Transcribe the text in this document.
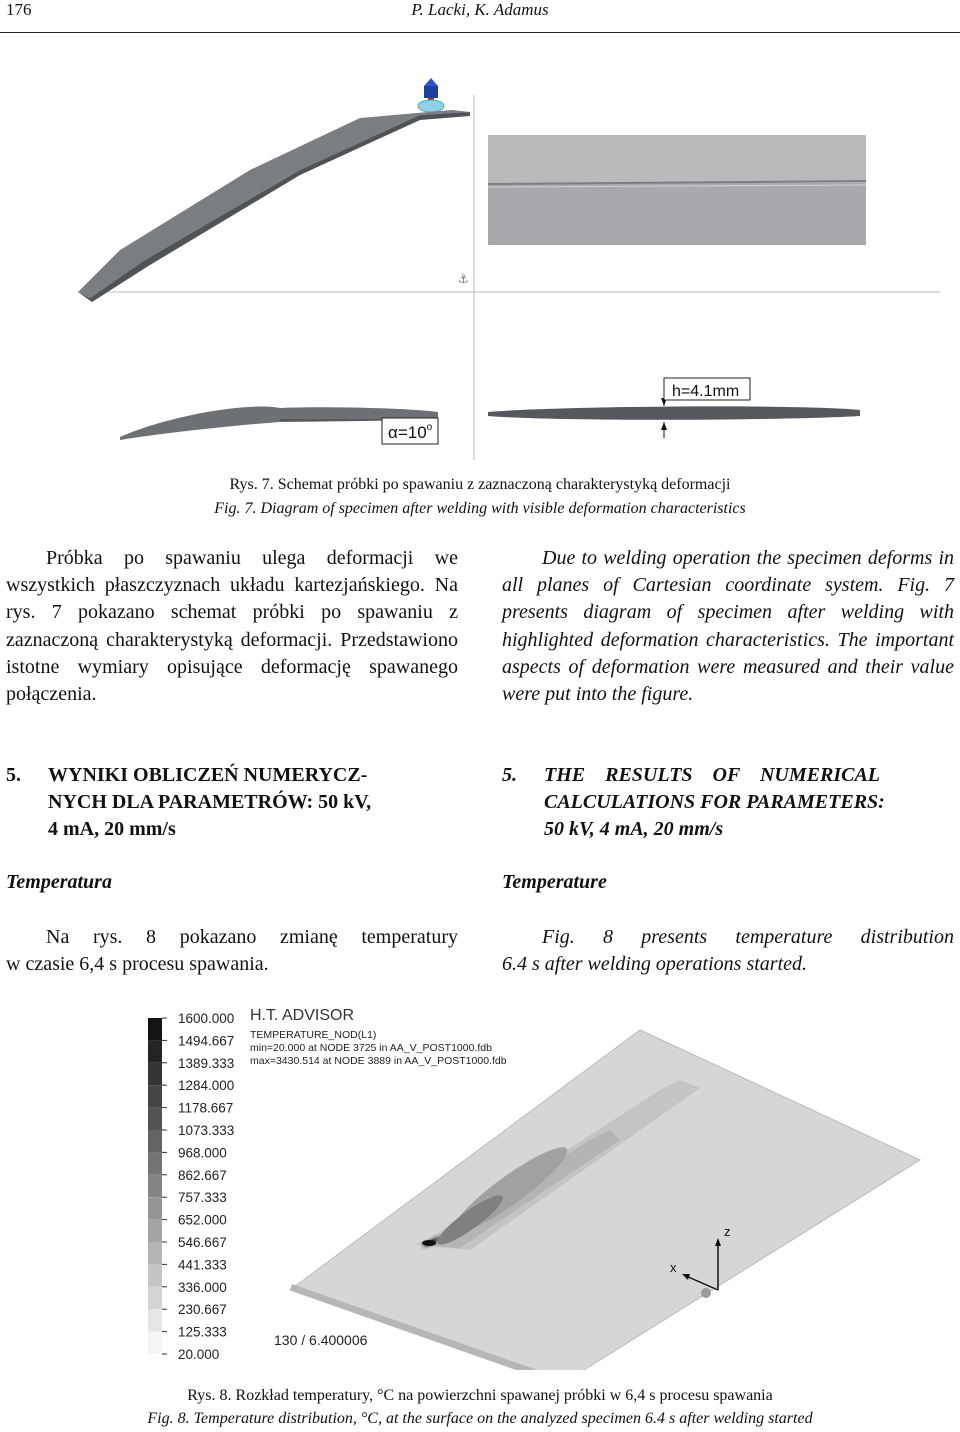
176	P. Lacki, K. Adamus
⚓
$\alpha=10^o$
h=4.1mm
Rys. 7. Schemat próbki po spawaniu z zaznaczoną charakterystyką deformacji
Fig. 7. Diagram of specimen after welding with visible deformation characteristics

Próbka po spawaniu ulega deformacji we wszystkich płaszczyznach układu kartezjańskiego. Na rys. 7 pokazano schemat próbki po spawaniu z zaznaczoną charakterystyką deformacji. Przedstawiono istotne wymiary opisujące deformację spawanego połączenia.

5. WYNIKI OBLICZEŃ NUMERYCZ-
NYCH DLA PARAMETRÓW: 50 kV,
4 mA, 20 mm/s
Temperatura

Na rys. 8 pokazano zmianę temperatury

w czasie 6,4 s procesu spawania.

Due to welding operation the specimen deforms in all planes of Cartesian coordinate system. Fig. 7 presents diagram of specimen after welding with highlighted deformation characteristics. The important aspects of deformation were measured and their value were put into the figure.

5. THE    RESULTS    OF    NUMERICAL
CALCULATIONS FOR PARAMETERS:
50 kV, 4 mA, 20 mm/s
Temperature

Fig. 8 presents temperature distribution

6.4 s after welding operations started.

1600.000
1494.667
1389.333
1284.000
1178.667
1073.333
968.000
862.667
757.333
652.000
546.667
441.333
336.000
230.667
125.333
20.000
H.T. ADVISOR
TEMPERATURE_NOD(L1)
min=20.000 at NODE 3725 in AA_V_POST1000.fdb
max=3430.514 at NODE 3889 in AA_V_POST1000.fdb
130 / 6.400006
z
x
Rys. 8. Rozkład temperatury, °C na powierzchni spawanej próbki w 6,4 s procesu spawania
Fig. 8. Temperature distribution, °C, at the surface on the analyzed specimen 6.4 s after welding started
